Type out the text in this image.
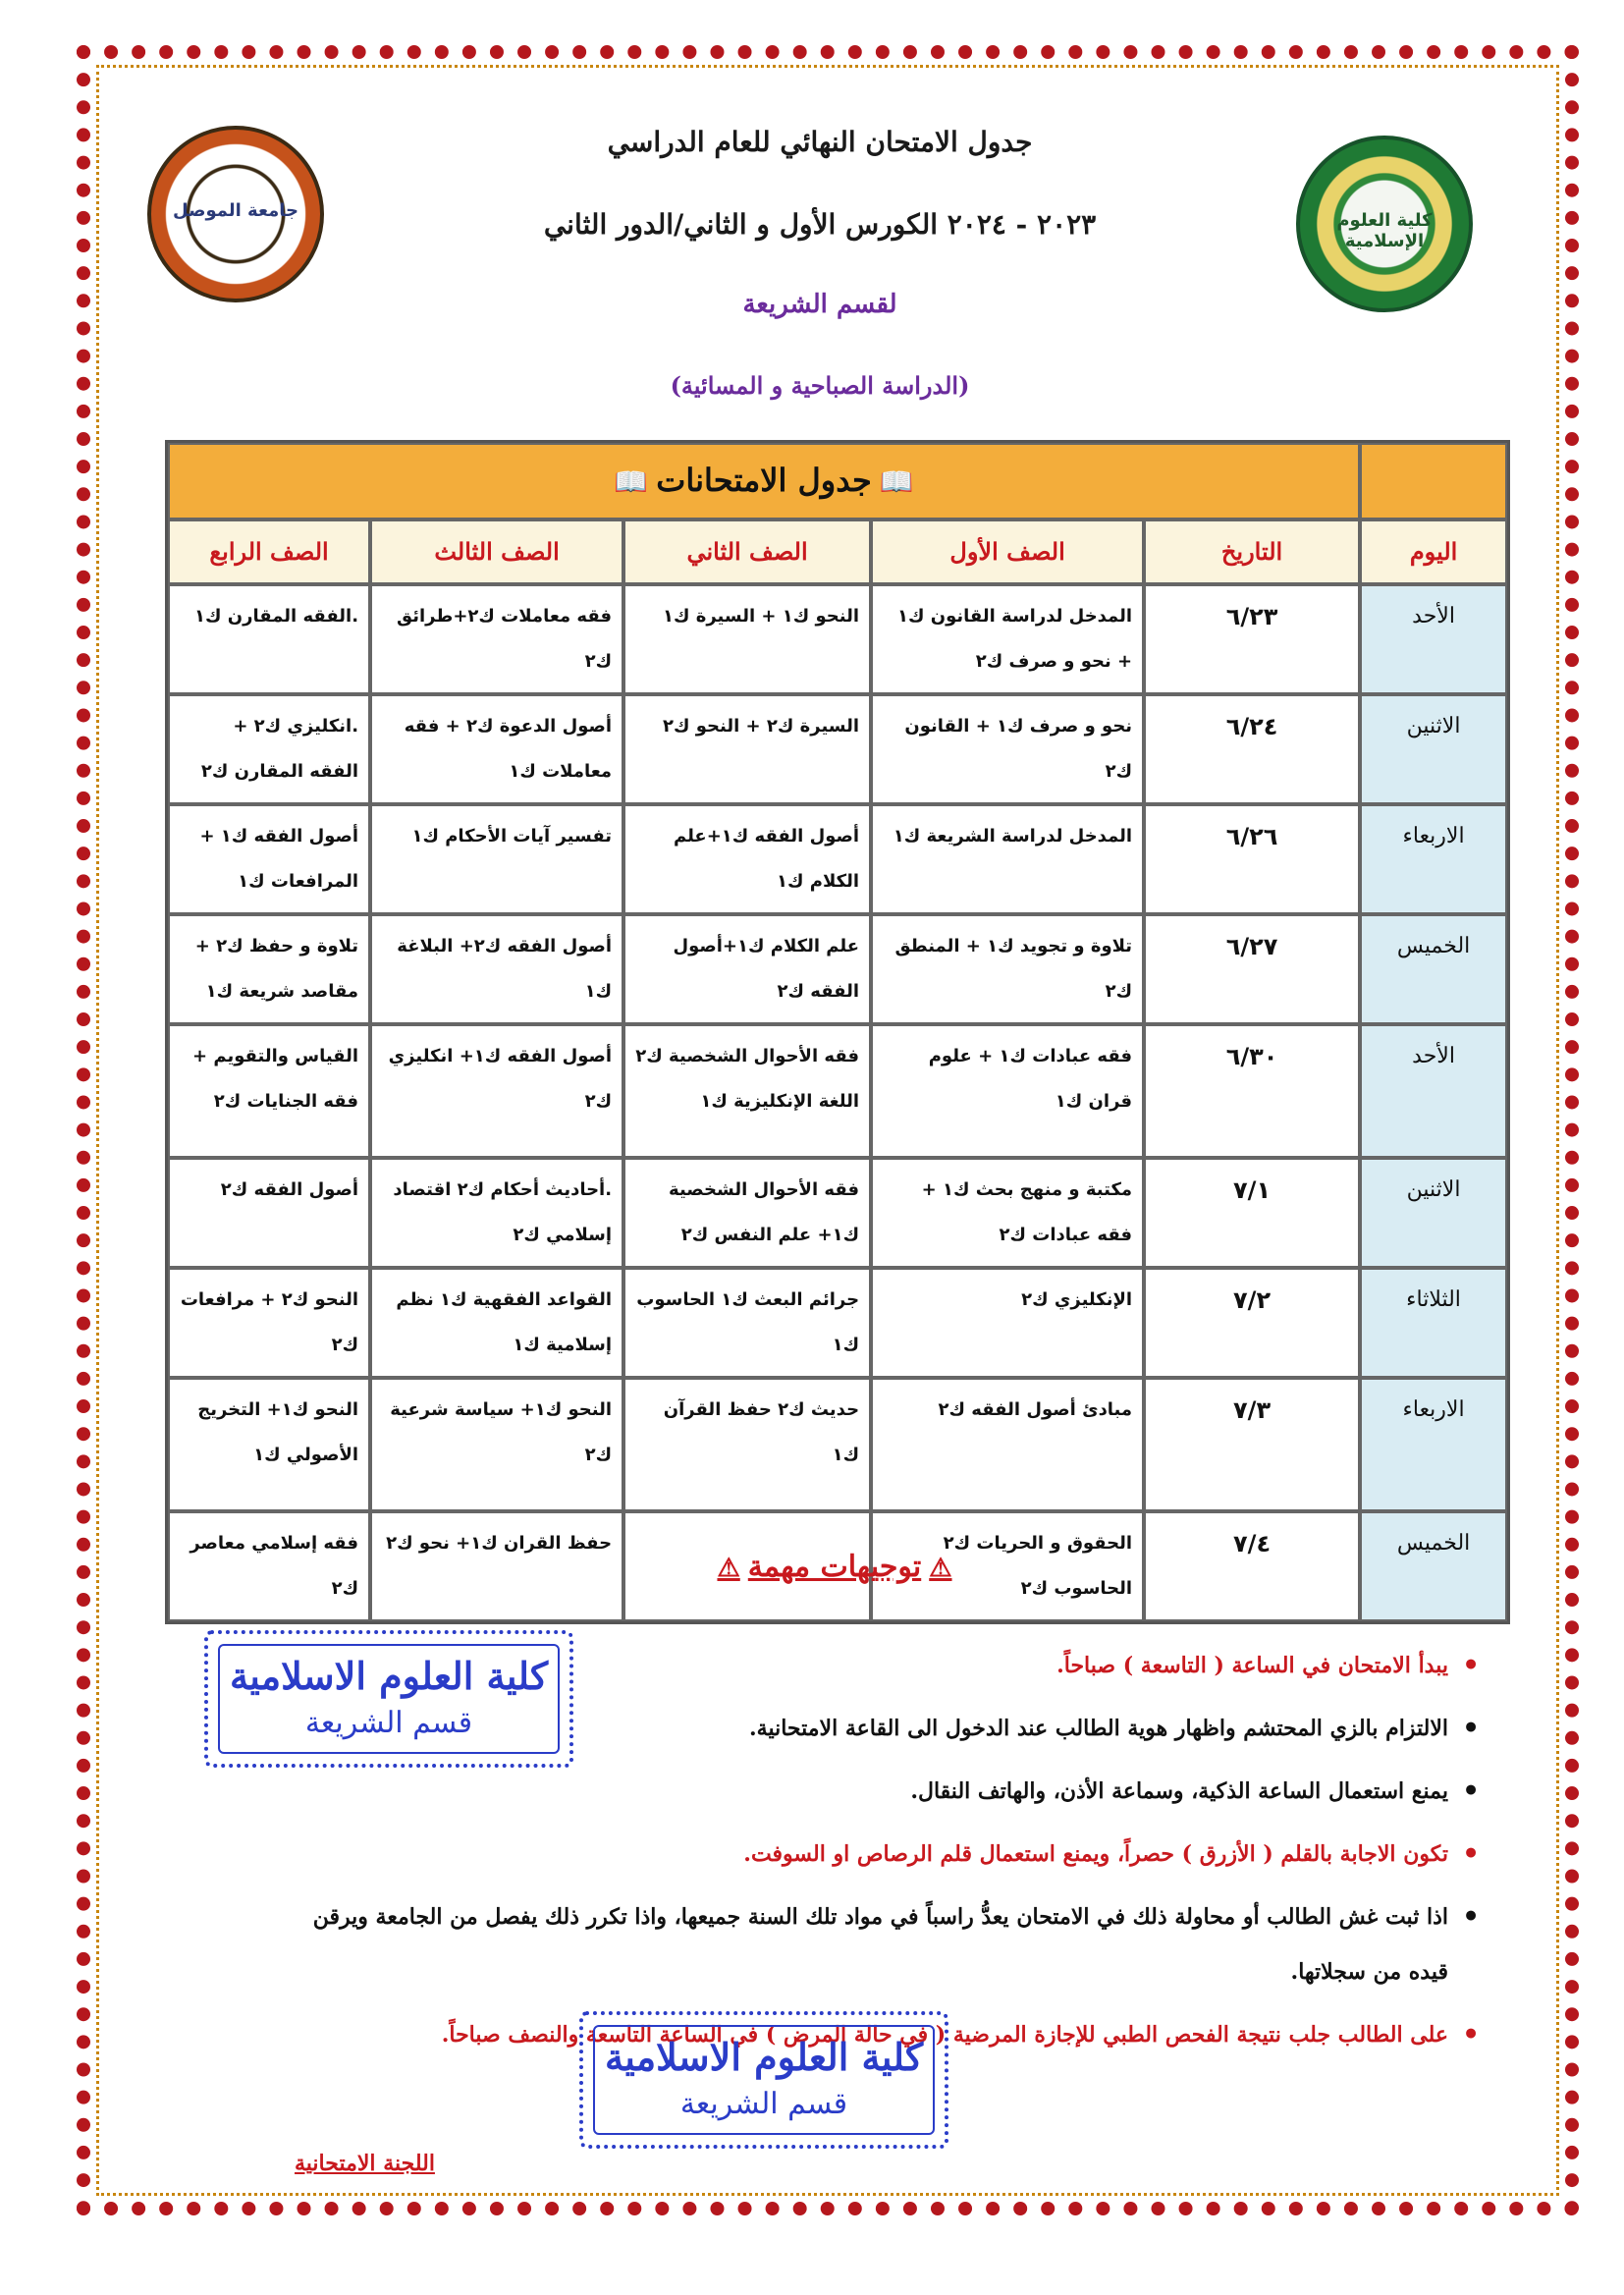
جامعة الموصل	كلية العلوم الإسلامية
جدول الامتحان النهائي للعام الدراسي
٢٠٢٣ - ٢٠٢٤ الكورس الأول و الثاني/الدور الثاني
لقسم الشريعة
(الدراسة الصباحية و المسائية)
	📖جدول الامتحانات📖				
اليوم	التاريخ	الصف الأول	الصف الثاني	الصف الثالث	الصف الرابع
الأحد	٦/٢٣	المدخل لدراسة القانون ك١ + نحو و صرف ك٢	النحو ك١ + السيرة ك١	فقه معاملات ك٢+طرائق ك٢	.الفقه المقارن ك١
الاثنين	٦/٢٤	نحو و صرف ك١ + القانون ك٢	السيرة ك٢ + النحو ك٢	أصول الدعوة ك٢ + فقه معاملات ك١	.انكليزي ك٢ + الفقه المقارن ك٢
الاربعاء	٦/٢٦	المدخل لدراسة الشريعة ك١	أصول الفقه ك١+علم الكلام ك١	تفسير آيات الأحكام ك١	أصول الفقه ك١ + المرافعات ك١
الخميس	٦/٢٧	تلاوة و تجويد ك١ + المنطق ك٢	علم الكلام ك١+أصول الفقه ك٢	أصول الفقه ك٢+ البلاغة ك١	تلاوة و حفظ ك٢ + مقاصد شريعة ك١
الأحد	٦/٣٠	فقه عبادات ك١ + علوم قران ك١	فقه الأحوال الشخصية ك٢ اللغة الإنكليزية ك١	أصول الفقه ك١+ انكليزي ك٢	القياس والتقويم + فقه الجنايات ك٢
الاثنين	٧/١	مكتبة و منهج بحث ك١ + فقه عبادات ك٢	فقه الأحوال الشخصية ك١+ علم النفس ك٢	.أحاديث أحكام ك٢ اقتصاد إسلامي ك٢	أصول الفقه ك٢
الثلاثاء	٧/٢	الإنكليزي ك٢	جرائم البعث ك١ الحاسوب ك١	القواعد الفقهية ك١ نظم إسلامية ك١	النحو ك٢ + مرافعات ك٢
الاربعاء	٧/٣	مبادئ أصول الفقه ك٢	حديث ك٢ حفظ القرآن ك١	النحو ك١+ سياسة شرعية ك٢	النحو ك١+ التخريج الأصولي ك١
الخميس	٧/٤	الحقوق و الحريات ك٢ الحاسوب ك٢		حفظ القران ك١+ نحو ك٢	فقه إسلامي معاصر ك٢
⚠ توجيهات مهمة ⚠
• يبدأ الامتحان في الساعة ( التاسعة ) صباحاً.
• الالتزام بالزي المحتشم واظهار هوية الطالب عند الدخول الى القاعة الامتحانية.
• يمنع استعمال الساعة الذكية، وسماعة الأذن، والهاتف النقال.
• تكون الاجابة بالقلم ( الأزرق ) حصراً، ويمنع استعمال قلم الرصاص او السوفت.
• اذا ثبت غش الطالب أو محاولة ذلك في الامتحان يعدُّ راسباً في مواد تلك السنة جميعها، واذا تكرر ذلك يفصل من الجامعة ويرقن قيده من سجلاتها.
• على الطالب جلب نتيجة الفحص الطبي للإجازة المرضية ( في حالة المرض ) في الساعة التاسعة والنصف صباحاً.
كلية العلوم الاسلامية
قسم الشريعة
كلية العلوم الاسلامية
قسم الشريعة
اللجنة الامتحانية
